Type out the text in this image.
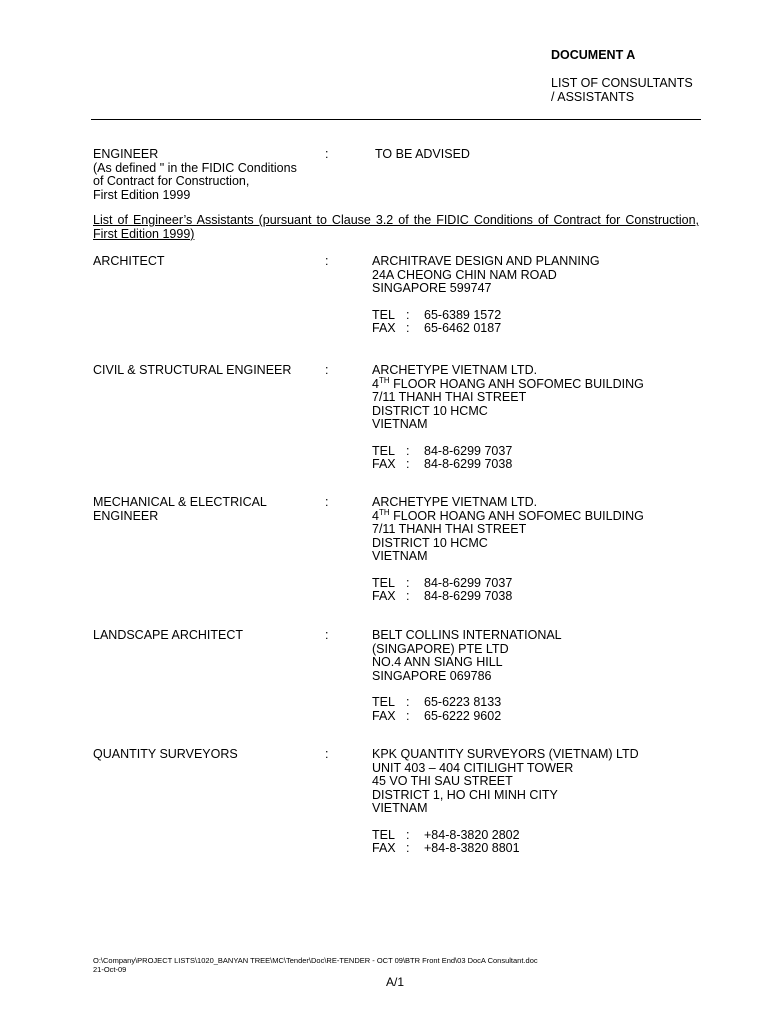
DOCUMENT A
LIST OF CONSULTANTS
/ ASSISTANTS
ENGINEER
(As defined " in the FIDIC Conditions
of Contract for Construction,
First Edition 1999
:	TO BE ADVISED
List of Engineer’s Assistants (pursuant to Clause 3.2 of the FIDIC Conditions of Contract for Construction, First Edition 1999)
ARCHITECT	:	ARCHITRAVE DESIGN AND PLANNING
24A CHEONG CHIN NAM ROAD
SINGAPORE 599747
TEL : 65-6389 1572
FAX : 65-6462 0187
CIVIL & STRUCTURAL ENGINEER	:	ARCHETYPE VIETNAM LTD.
4TH FLOOR HOANG ANH SOFOMEC BUILDING
7/11 THANH THAI STREET
DISTRICT 10 HCMC
VIETNAM
TEL : 84-8-6299 7037
FAX : 84-8-6299 7038
MECHANICAL & ELECTRICAL
ENGINEER
:	ARCHETYPE VIETNAM LTD.
4TH FLOOR HOANG ANH SOFOMEC BUILDING
7/11 THANH THAI STREET
DISTRICT 10 HCMC
VIETNAM
TEL : 84-8-6299 7037
FAX : 84-8-6299 7038
LANDSCAPE ARCHITECT	:	BELT COLLINS INTERNATIONAL
(SINGAPORE) PTE LTD
NO.4 ANN SIANG HILL
SINGAPORE 069786
TEL : 65-6223 8133
FAX : 65-6222 9602
QUANTITY SURVEYORS	:	KPK QUANTITY SURVEYORS (VIETNAM) LTD
UNIT 403 – 404 CITILIGHT TOWER
45 VO THI SAU STREET
DISTRICT 1, HO CHI MINH CITY
VIETNAM
TEL : +84-8-3820 2802
FAX : +84-8-3820 8801
O:\Company\PROJECT LISTS\1020_BANYAN TREE\MC\Tender\Doc\RE-TENDER - OCT 09\BTR Front End\03 DocA Consultant.doc
21-Oct-09
A/1
